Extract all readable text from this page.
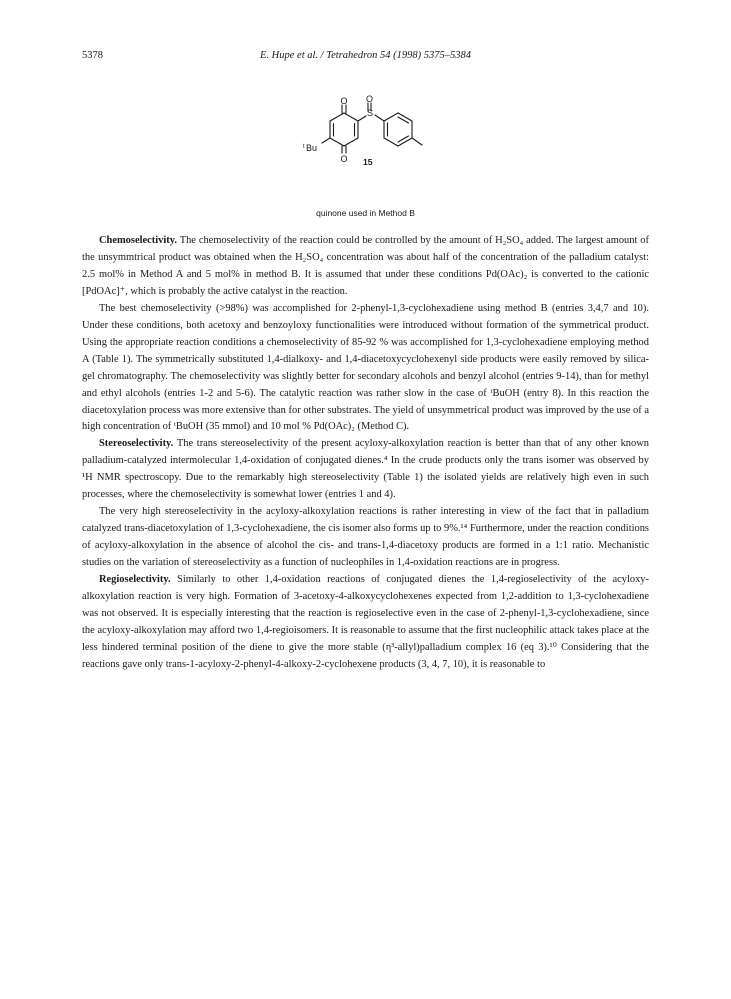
5378	E. Hupe et al. / Tetrahedron 54 (1998) 5375–5384
O O
S
O
t Bu
15
quinone used in Method B

Chemoselectivity. The chemoselectivity of the reaction could be controlled by the amount of H₂SO₄ added. The largest amount of the unsymmtrical product was obtained when the H₂SO₄ concentration was about half of the concentration of the palladium catalyst: 2.5 mol% in Method A and 5 mol% in method B. It is assumed that under these conditions Pd(OAc)₂ is converted to the cationic [PdOAc]⁺, which is probably the active catalyst in the reaction.

The best chemoselectivity (>98%) was accomplished for 2-phenyl-1,3-cyclohexadiene using method B (entries 3,4,7 and 10). Under these conditions, both acetoxy and benzoyloxy functionalities were introduced without formation of the symmetrical product. Using the appropriate reaction conditions a chemoselectivity of 85-92 % was accomplished for 1,3-cyclohexadiene employing method A (Table 1). The symmetrically substituted 1,4-dialkoxy- and 1,4-diacetoxycyclohexenyl side products were easily removed by silica-gel chromatography. The chemoselectivity was slightly better for secondary alcohols and benzyl alcohol (entries 9-14), than for methyl and ethyl alcohols (entries 1-2 and 5-6). The catalytic reaction was rather slow in the case of ᵗBuOH (entry 8). In this reaction the diacetoxylation process was more extensive than for other substrates. The yield of unsymmetrical product was improved by the use of a high concentration of ᵗBuOH (35 mmol) and 10 mol % Pd(OAc)₂ (Method C).

Stereoselectivity. The trans stereoselectivity of the present acyloxy-alkoxylation reaction is better than that of any other known palladium-catalyzed intermolecular 1,4-oxidation of conjugated dienes.⁴ In the crude products only the trans isomer was observed by ¹H NMR spectroscopy. Due to the remarkably high stereoselectivity (Table 1) the isolated yields are relatively high even in such processes, where the chemoselectivity is somewhat lower (entries 1 and 4).

The very high stereoselectivity in the acyloxy-alkoxylation reactions is rather interesting in view of the fact that in palladium catalyzed trans-diacetoxylation of 1,3-cyclohexadiene, the cis isomer also forms up to 9%.¹⁴ Furthermore, under the reaction conditions of acyloxy-alkoxylation in the absence of alcohol the cis- and trans-1,4-diacetoxy products are formed in a 1:1 ratio. Mechanistic studies on the variation of stereoselectivity as a function of nucleophiles in 1,4-oxidation reactions are in progress.

Regioselectivity. Similarly to other 1,4-oxidation reactions of conjugated dienes the 1,4-regioselectivity of the acyloxy-alkoxylation reaction is very high. Formation of 3-acetoxy-4-alkoxycyclohexenes expected from 1,2-addition to 1,3-cyclohexadiene was not observed. It is especially interesting that the reaction is regioselective even in the case of 2-phenyl-1,3-cyclohexadiene, since the acyloxy-alkoxylation may afford two 1,4-regioisomers. It is reasonable to assume that the first nucleophilic attack takes place at the less hindered terminal position of the diene to give the more stable (η³-allyl)palladium complex 16 (eq 3).¹⁰ Considering that the reactions gave only trans-1-acyloxy-2-phenyl-4-alkoxy-2-cyclohexene products (3, 4, 7, 10), it is reasonable to
